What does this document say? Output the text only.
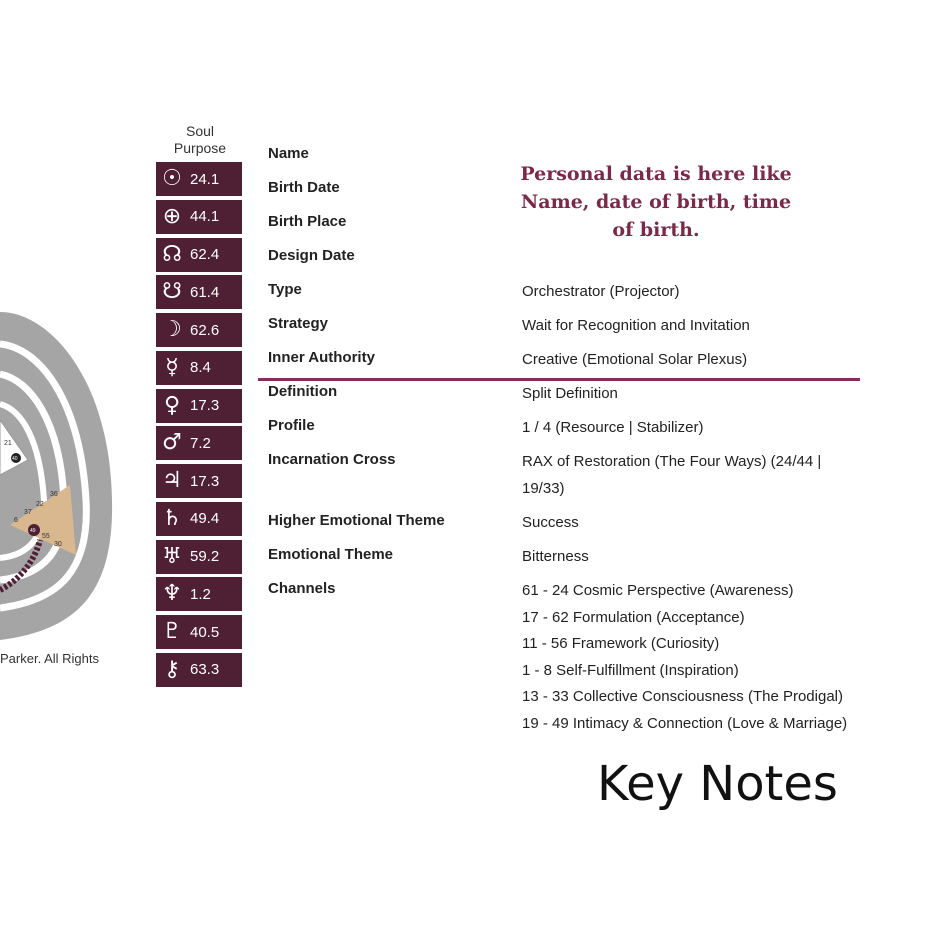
21
36
22
37
6
55
30
40
49
Parker. All Rights
Soul
Purpose
☉ 24.1
⊕ 44.1
☊ 62.4
☋ 61.4
☽ 62.6
☿ 8.4
♀ 17.3
♂ 7.2
♃ 17.3
♄ 49.4
♅ 59.2
♆ 1.2
♇ 40.5
⚷ 63.3
Name
Birth Date
Birth Place
Design Date
Type
Strategy
Inner Authority
Definition
Profile
Incarnation Cross
Higher Emotional Theme
Emotional Theme
Channels
Orchestrator (Projector)
Wait for Recognition and Invitation
Creative (Emotional Solar Plexus)
Split Definition
1 / 4 (Resource | Stabilizer)
RAX of Restoration (The Four Ways) (24/44 |
19/33)
Success
Bitterness
61 - 24 Cosmic Perspective (Awareness)
17 - 62 Formulation (Acceptance)
11 - 56 Framework (Curiosity)
1 - 8 Self-Fulfillment (Inspiration)
13 - 33 Collective Consciousness (The Prodigal)
19 - 49 Intimacy & Connection (Love & Marriage)
Personal data is here like
Name, date of birth, time
of birth.
Key Notes
